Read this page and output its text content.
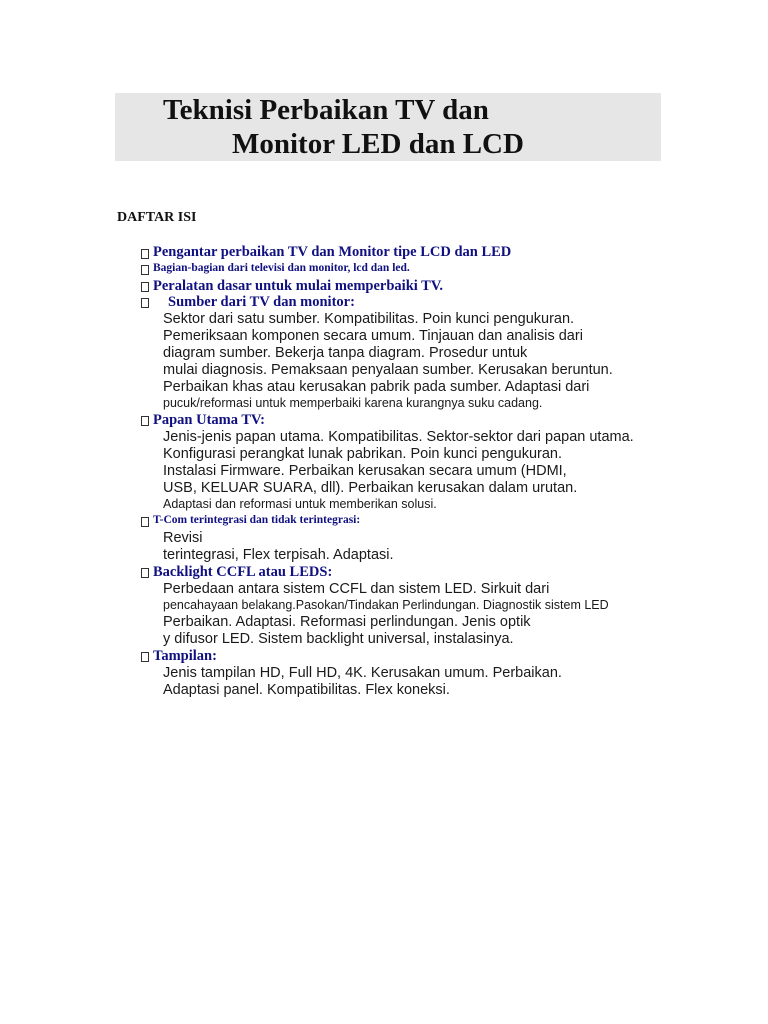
Teknisi Perbaikan TV dan
Monitor LED dan LCD
DAFTAR ISI
Pengantar perbaikan TV dan Monitor tipe LCD dan LED
Bagian-bagian dari televisi dan monitor, lcd dan led.
Peralatan dasar untuk mulai memperbaiki TV.
Sumber dari TV dan monitor:
Sektor dari satu sumber. Kompatibilitas. Poin kunci pengukuran.
Pemeriksaan komponen secara umum. Tinjauan dan analisis dari
diagram sumber. Bekerja tanpa diagram. Prosedur untuk
mulai diagnosis. Pemaksaan penyalaan sumber. Kerusakan beruntun.
Perbaikan khas atau kerusakan pabrik pada sumber. Adaptasi dari
pucuk/reformasi untuk memperbaiki karena kurangnya suku cadang.
Papan Utama TV:
Jenis-jenis papan utama. Kompatibilitas. Sektor-sektor dari papan utama.
Konfigurasi perangkat lunak pabrikan. Poin kunci pengukuran.
Instalasi Firmware. Perbaikan kerusakan secara umum (HDMI,
USB, KELUAR SUARA, dll). Perbaikan kerusakan dalam urutan.
Adaptasi dan reformasi untuk memberikan solusi.
T-Com terintegrasi dan tidak terintegrasi:
Revisi
terintegrasi, Flex terpisah. Adaptasi.
Backlight CCFL atau LEDS:
Perbedaan antara sistem CCFL dan sistem LED. Sirkuit dari
pencahayaan belakang.Pasokan/Tindakan Perlindungan. Diagnostik sistem LED
Perbaikan. Adaptasi. Reformasi perlindungan. Jenis optik
y difusor LED. Sistem backlight universal, instalasinya.
Tampilan:
Jenis tampilan HD, Full HD, 4K. Kerusakan umum. Perbaikan.
Adaptasi panel. Kompatibilitas. Flex koneksi.
